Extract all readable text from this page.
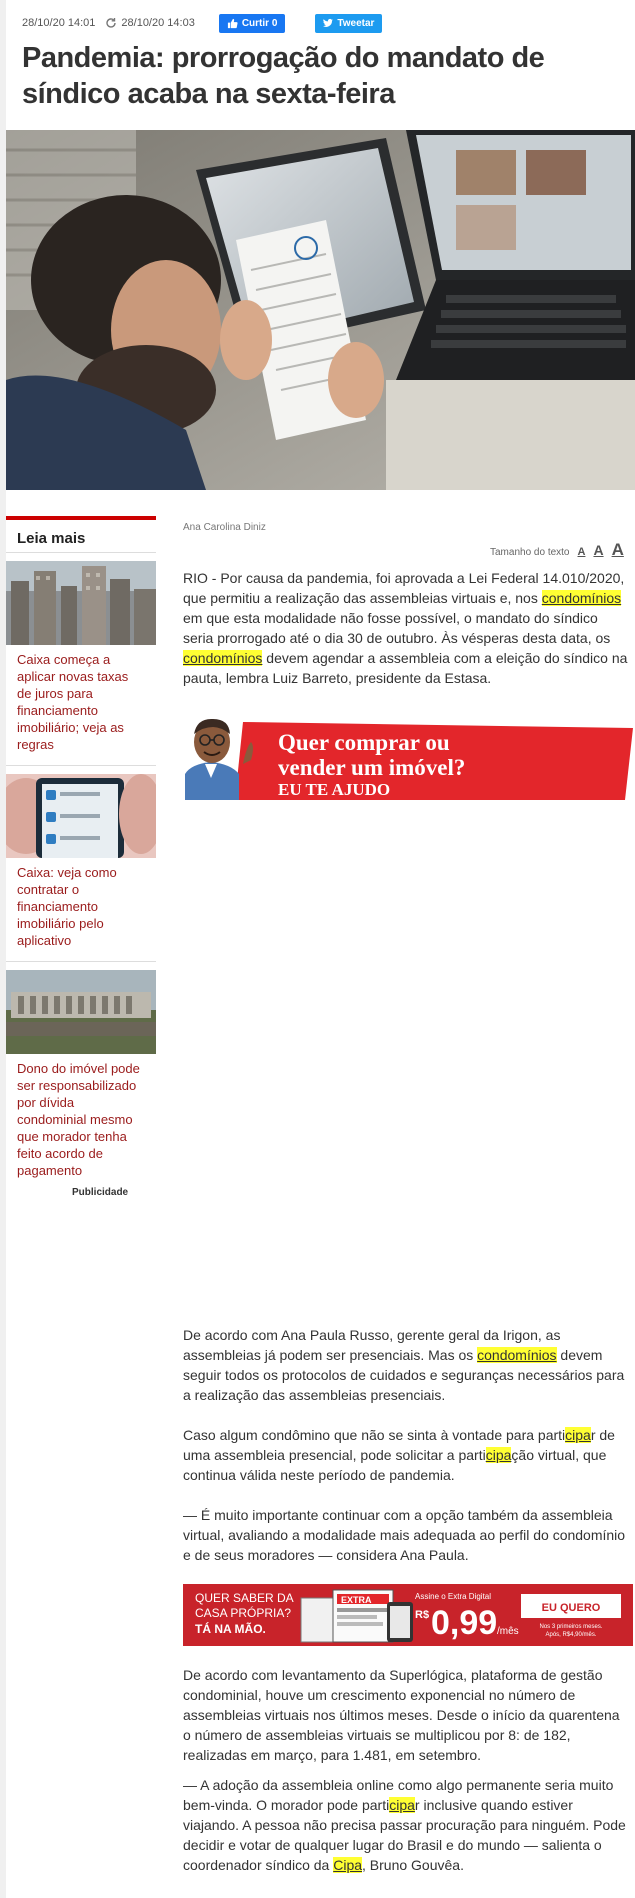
28/10/20 14:01 28/10/20 14:03	Curtir 0	Tweetar
Pandemia: prorrogação do mandato de síndico acaba na sexta-feira
Leia mais

Caixa começa a aplicar novas taxas de juros para financiamento imobiliário; veja as regras

Caixa: veja como contratar o financiamento imobiliário pelo aplicativo

Dono do imóvel pode ser responsabilizado por dívida condominial mesmo que morador tenha feito acordo de pagamento

Publicidade
Ana Carolina Diniz
Tamanho do texto A A A

RIO - Por causa da pandemia, foi aprovada a Lei Federal 14.010/2020, que permitiu a realização das assembleias virtuais e, nos condomínios em que esta modalidade não fosse possível, o mandato do síndico seria prorrogado até o dia 30 de outubro. Às vésperas desta data, os condomínios devem agendar a assembleia com a eleição do síndico na pauta, lembra Luiz Barreto, presidente da Estasa.

Quer comprar ou
vender um imóvel?
EU TE AJUDO

De acordo com Ana Paula Russo, gerente geral da Irigon, as assembleias já podem ser presenciais. Mas os condomínios devem seguir todos os protocolos de cuidados e seguranças necessários para a realização das assembleias presenciais.

Caso algum condômino que não se sinta à vontade para participar de uma assembleia presencial, pode solicitar a participação virtual, que continua válida neste período de pandemia.

— É muito importante continuar com a opção também da assembleia virtual, avaliando a modalidade mais adequada ao perfil do condomínio e de seus moradores — considera Ana Paula.

QUER SABER DA
CASA PRÓPRIA?
TÁ NA MÃO.
EXTRA	Assine o Extra Digital
R$ 0,99 /mês
EU QUERO
Nos 3 primeiros meses.
Após, R$4,90/mês.

De acordo com levantamento da Superlógica, plataforma de gestão condominial, houve um crescimento exponencial no número de assembleias virtuais nos últimos meses. Desde o início da quarentena o número de assembleias virtuais se multiplicou por 8: de 182, realizadas em março, para 1.481, em setembro.

— A adoção da assembleia online como algo permanente seria muito bem-vinda. O morador pode participar inclusive quando estiver viajando. A pessoa não precisa passar procuração para ninguém. Pode decidir e votar de qualquer lugar do Brasil e do mundo — salienta o coordenador síndico da Cipa, Bruno Gouvêa.
